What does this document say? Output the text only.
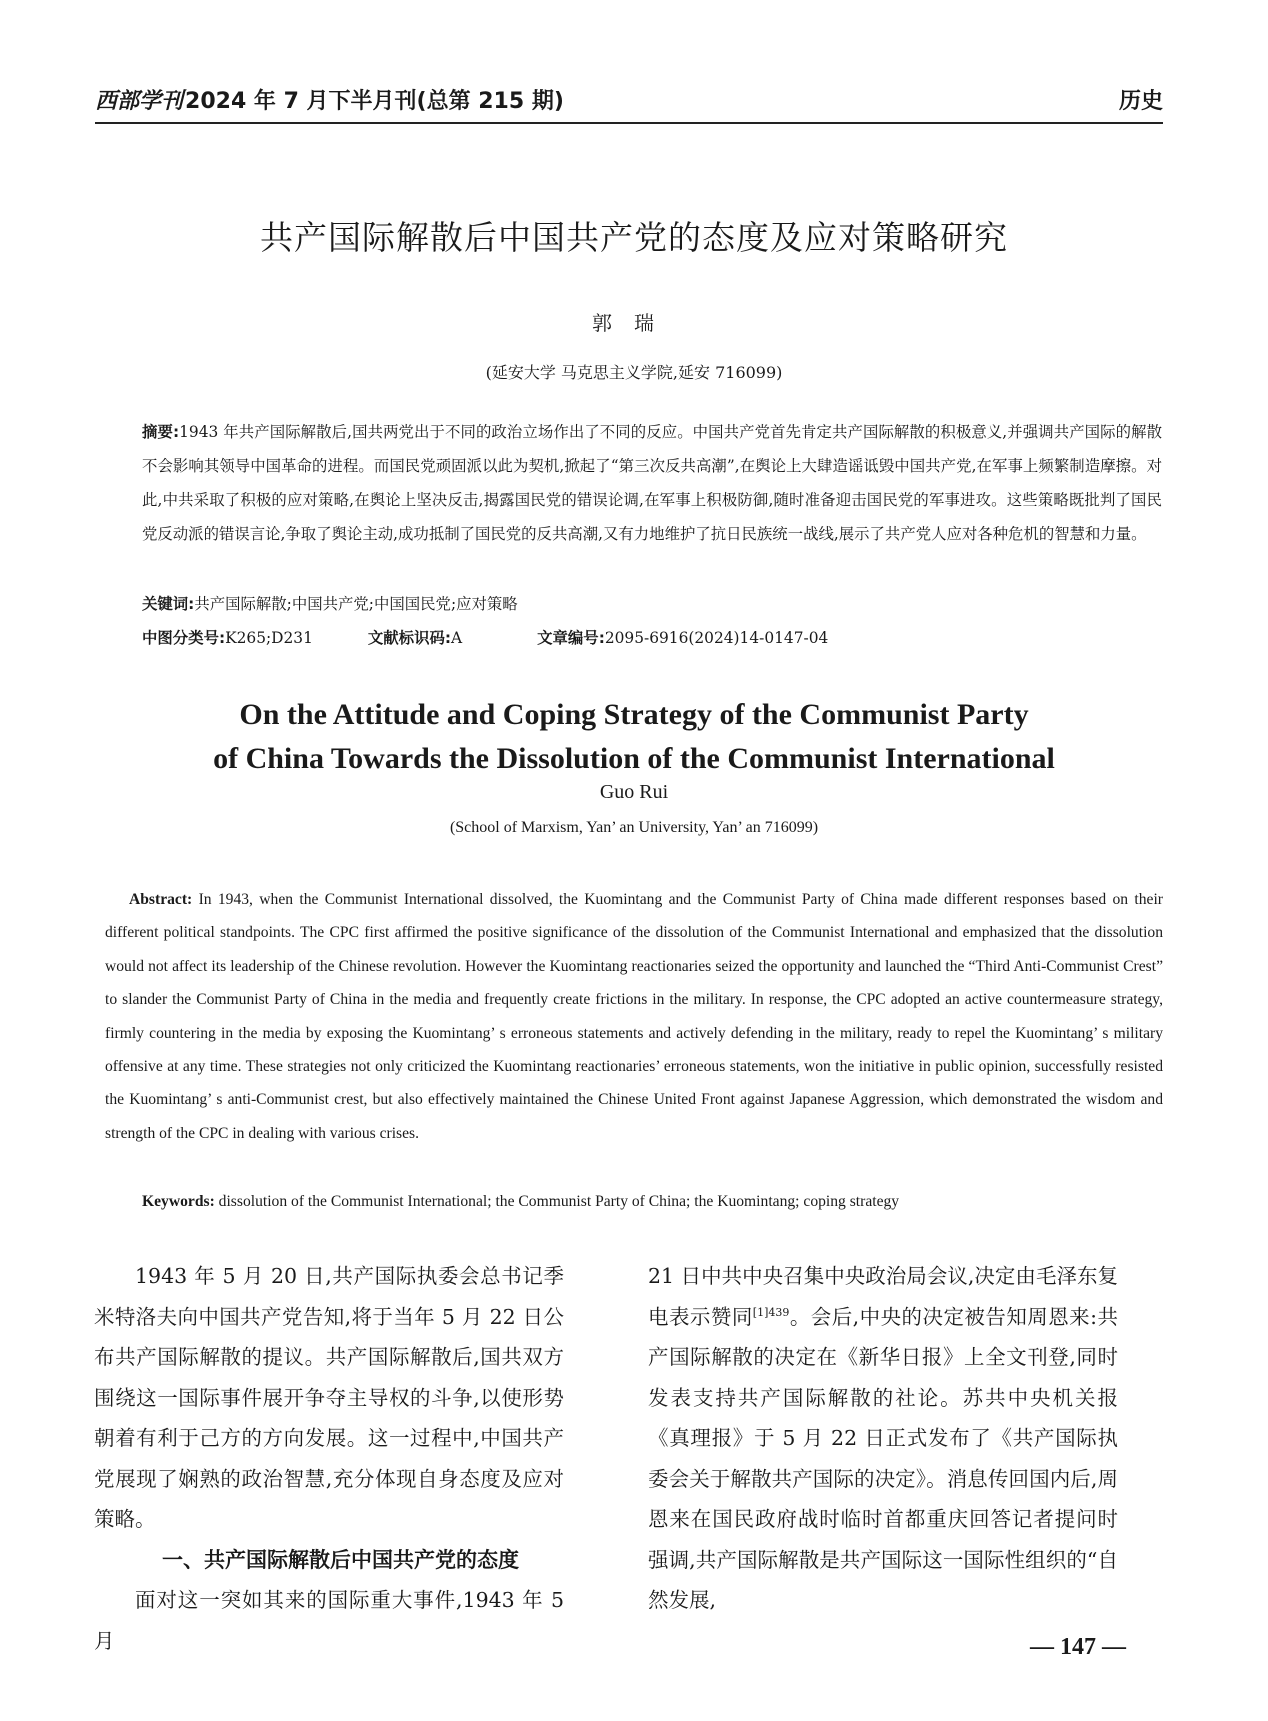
西部学刊2024 年 7 月下半月刊(总第 215 期)	历史
共产国际解散后中国共产党的态度及应对策略研究
郭瑞
(延安大学 马克思主义学院,延安 716099)
摘要:1943 年共产国际解散后,国共两党出于不同的政治立场作出了不同的反应。中国共产党首先肯定共产国际解散的积极意义,并强调共产国际的解散不会影响其领导中国革命的进程。而国民党顽固派以此为契机,掀起了“第三次反共高潮”,在舆论上大肆造谣诋毁中国共产党,在军事上频繁制造摩擦。对此,中共采取了积极的应对策略,在舆论上坚决反击,揭露国民党的错误论调,在军事上积极防御,随时准备迎击国民党的军事进攻。这些策略既批判了国民党反动派的错误言论,争取了舆论主动,成功抵制了国民党的反共高潮,又有力地维护了抗日民族统一战线,展示了共产党人应对各种危机的智慧和力量。
关键词:共产国际解散;中国共产党;中国国民党;应对策略
中图分类号:K265;D231	文献标识码:A	文章编号:2095-6916(2024)14-0147-04
On the Attitude and Coping Strategy of the Communist Party
of China Towards the Dissolution of the Communist International
Guo Rui
(School of Marxism, Yan’ an University, Yan’ an 716099)
Abstract: In 1943, when the Communist International dissolved, the Kuomintang and the Communist Party of China made different responses based on their different political standpoints. The CPC first affirmed the positive significance of the dissolution of the Communist International and emphasized that the dissolution would not affect its leadership of the Chinese revolution. However the Kuomintang reactionaries seized the opportunity and launched the “Third Anti-Communist Crest” to slander the Communist Party of China in the media and frequently create frictions in the military. In response, the CPC adopted an active countermeasure strategy, firmly countering in the media by exposing the Kuomintang’ s erroneous statements and actively defending in the military, ready to repel the Kuomintang’ s military offensive at any time. These strategies not only criticized the Kuomintang reactionaries’ erroneous statements, won the initiative in public opinion, successfully resisted the Kuomintang’ s anti-Communist crest, but also effectively maintained the Chinese United Front against Japanese Aggression, which demonstrated the wisdom and strength of the CPC in dealing with various crises.
Keywords: dissolution of the Communist International; the Communist Party of China; the Kuomintang; coping strategy

1943 年 5 月 20 日,共产国际执委会总书记季米特洛夫向中国共产党告知,将于当年 5 月 22 日公布共产国际解散的提议。共产国际解散后,国共双方围绕这一国际事件展开争夺主导权的斗争,以使形势朝着有利于己方的方向发展。这一过程中,中国共产党展现了娴熟的政治智慧,充分体现自身态度及应对策略。

一、共产国际解散后中国共产党的态度

面对这一突如其来的国际重大事件,1943 年 5 月

21 日中共中央召集中央政治局会议,决定由毛泽东复电表示赞同$^{[1]439}$。会后,中央的决定被告知周恩来:共产国际解散的决定在《新华日报》上全文刊登,同时发表支持共产国际解散的社论。苏共中央机关报《真理报》于 5 月 22 日正式发布了《共产国际执委会关于解散共产国际的决定》。消息传回国内后,周恩来在国民政府战时临时首都重庆回答记者提问时强调,共产国际解散是共产国际这一国际性组织的“自然发展,

— 147 —
